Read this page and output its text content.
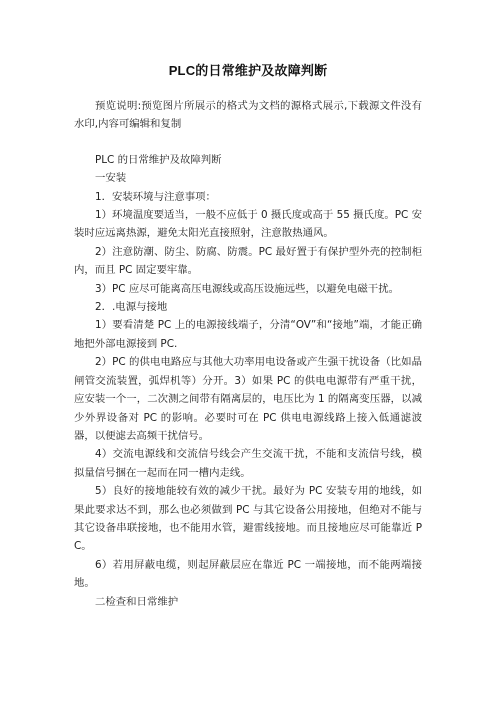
PLC的日常维护及故障判断

预览说明:预览图片所展示的格式为文档的源格式展示,下载源文件没有水印,内容可编辑和复制

PLC 的日常维护及故障判断

一安装

1．安装环境与注意事项：

1）环境温度要适当，一般不应低于 0 摄氏度或高于 55 摄氏度。PC 安装时应远离热源，避免太阳光直接照射，注意散热通风。

2）注意防潮、防尘、防腐、防震。PC 最好置于有保护型外壳的控制柜内，而且 PC 固定要牢靠。

3）PC 应尽可能离高压电源线或高压设施远些，以避免电磁干扰。

2．.电源与接地

1）要看清楚 PC 上的电源接线端子，分清“OV”和“接地”端，才能正确地把外部电源接到 PC.

2）PC 的供电电路应与其他大功率用电设备或产生强干扰设备（比如晶闸管交流装置，弧焊机等）分开。3）如果 PC 的供电电源带有严重干扰，应安装一个一，二次测之间带有隔离层的，电压比为 1 的隔离变压器，以减少外界设备对 PC 的影响。必要时可在 PC 供电电源线路上接入低通滤波器，以便滤去高频干扰信号。

4）交流电源线和交流信号线会产生交流干扰，不能和支流信号线，模拟量信号捆在一起而在同一槽内走线。

5）良好的接地能较有效的减少干扰。最好为 PC 安装专用的地线，如果此要求达不到，那么也必须做到 PC 与其它设备公用接地，但绝对不能与其它设备串联接地，也不能用水管，避雷线接地。而且接地应尽可能靠近 PC。

6）若用屏蔽电缆，则起屏蔽层应在靠近 PC 一端接地，而不能两端接地。

二检查和日常维护
